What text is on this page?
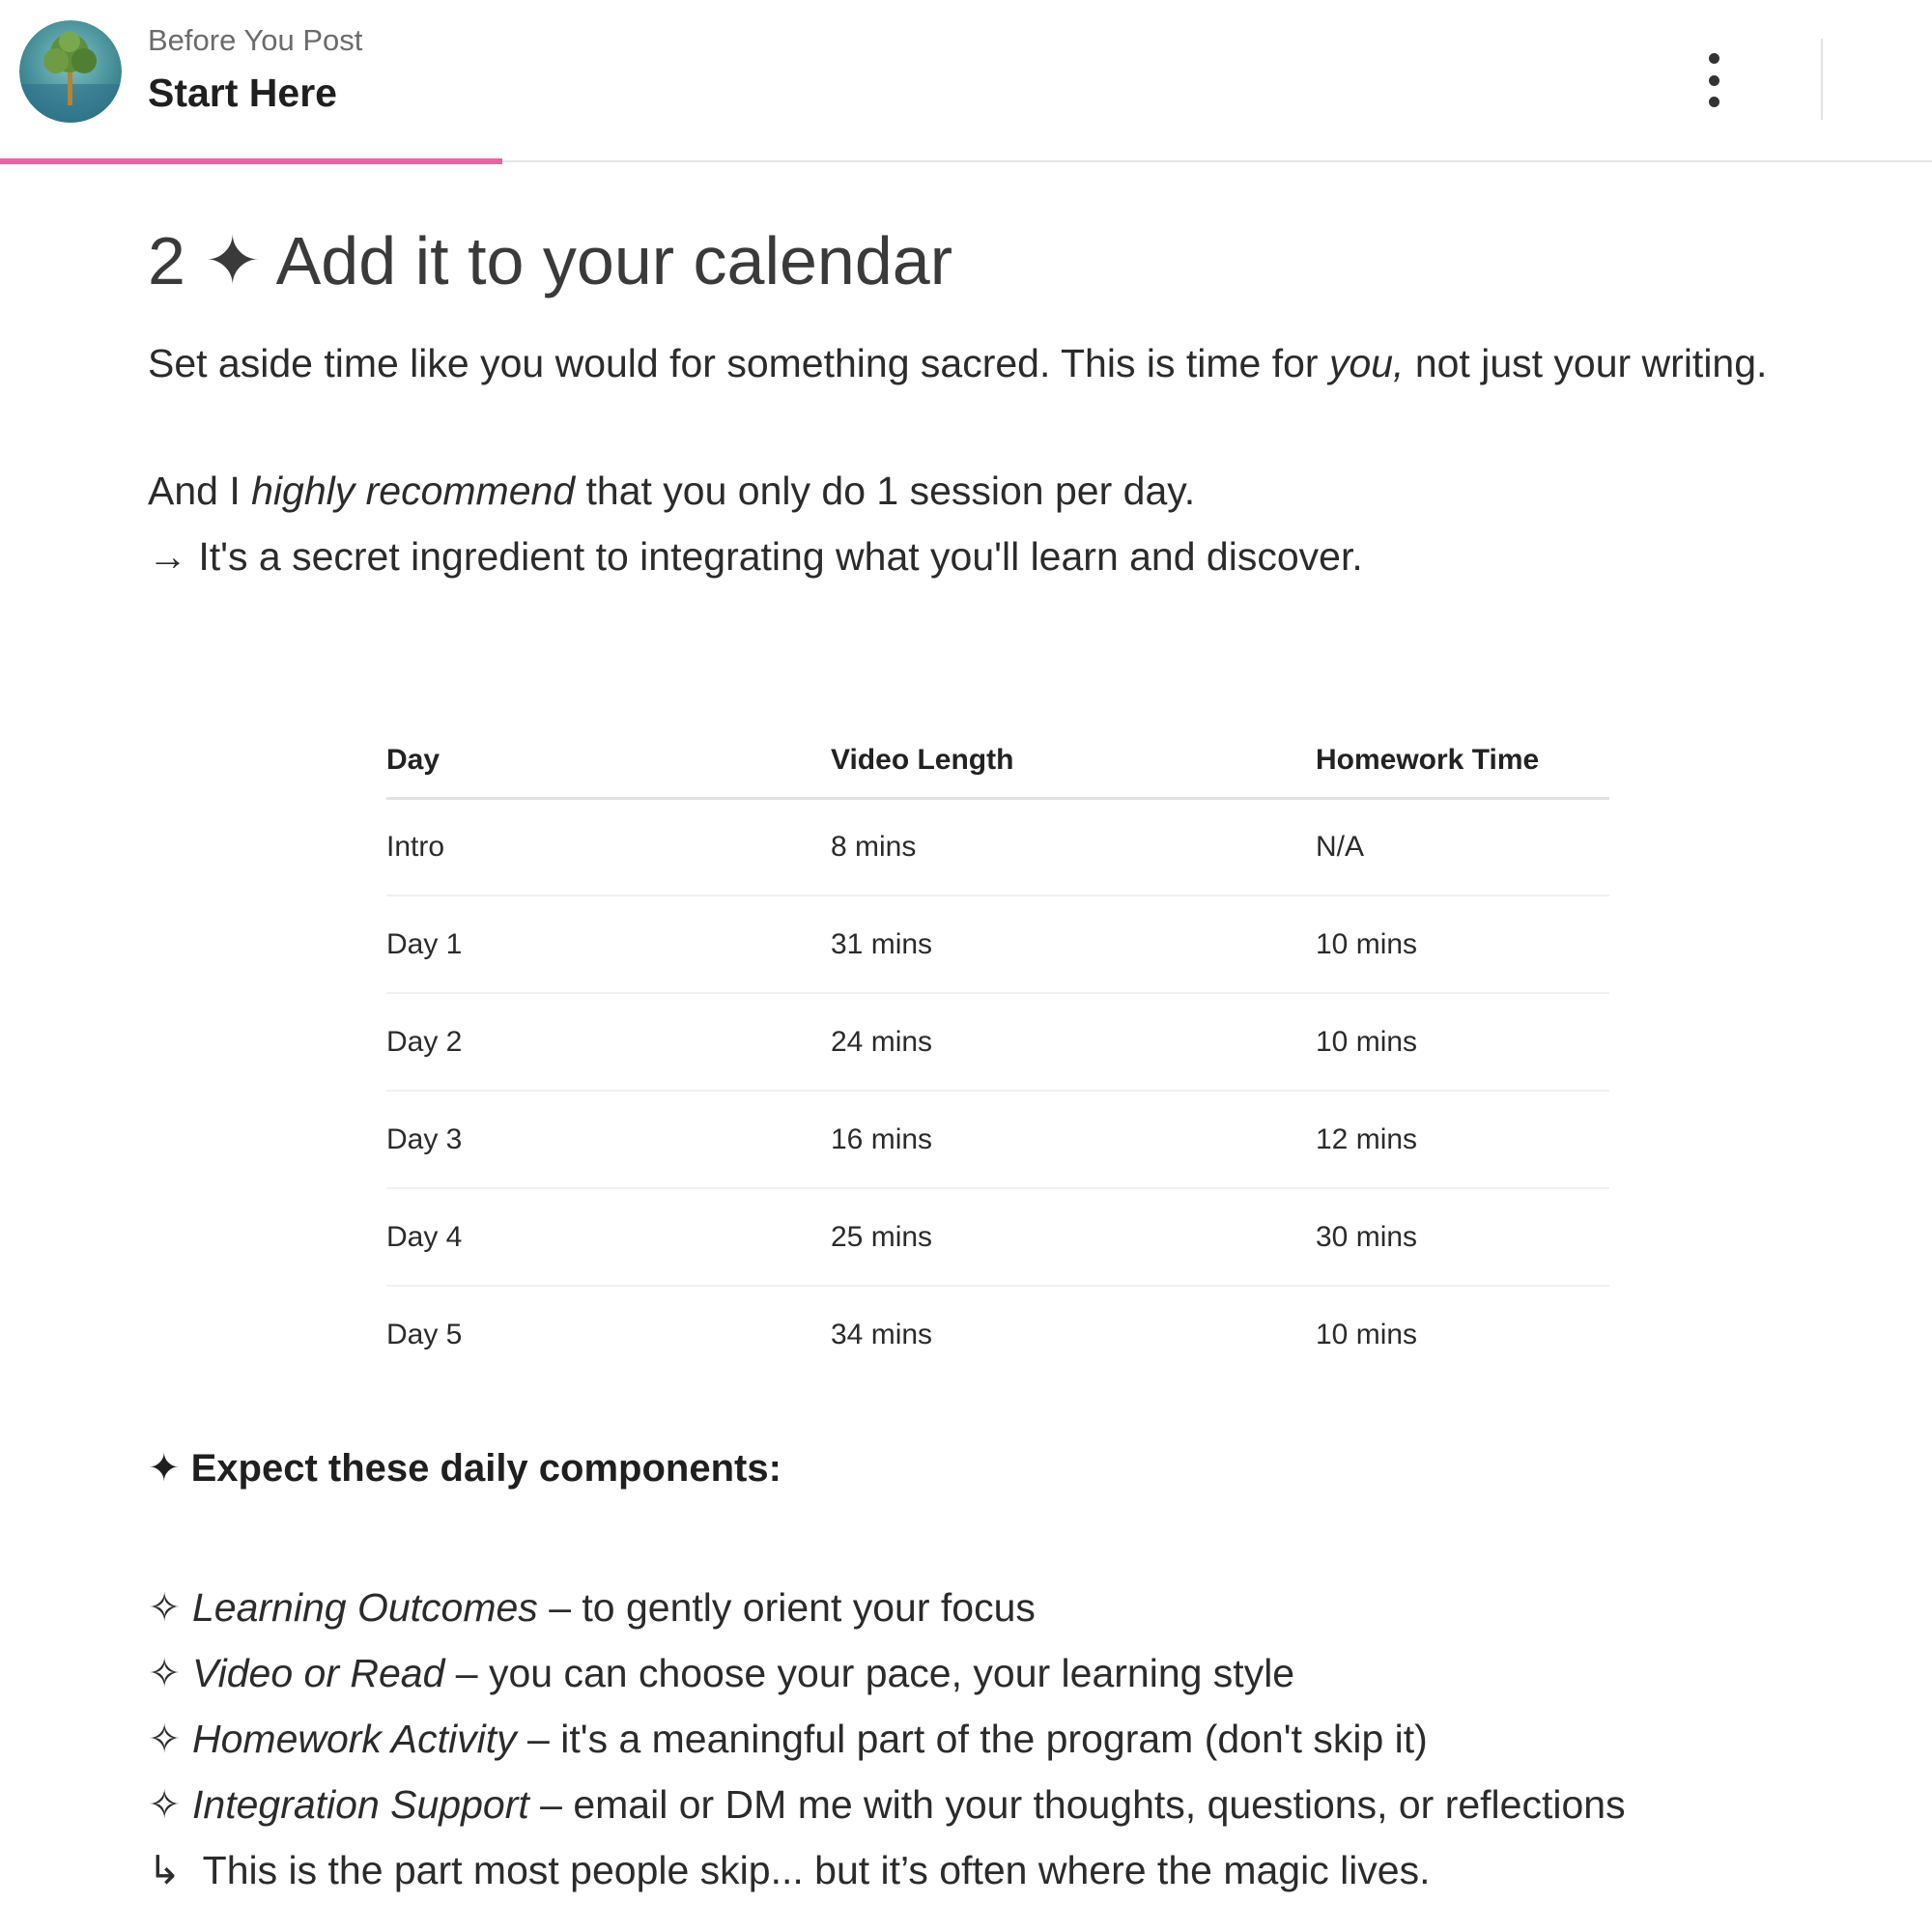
Before You Post
Start Here
2 ✦ Add it to your calendar

Set aside time like you would for something sacred. This is time for you, not just your writing.

And I highly recommend that you only do 1 session per day.

→ It's a secret ingredient to integrating what you'll learn and discover.

Day	Video Length	Homework Time
Intro	8 mins	N/A
Day 1	31 mins	10 mins
Day 2	24 mins	10 mins
Day 3	16 mins	12 mins
Day 4	25 mins	30 mins
Day 5	34 mins	10 mins
✦ Expect these daily components:
✧ Learning Outcomes – to gently orient your focus
✧ Video or Read – you can choose your pace, your learning style
✧ Homework Activity – it's a meaningful part of the program (don't skip it)
✧ Integration Support – email or DM me with your thoughts, questions, or reflections
↳ This is the part most people skip... but it’s often where the magic lives.
